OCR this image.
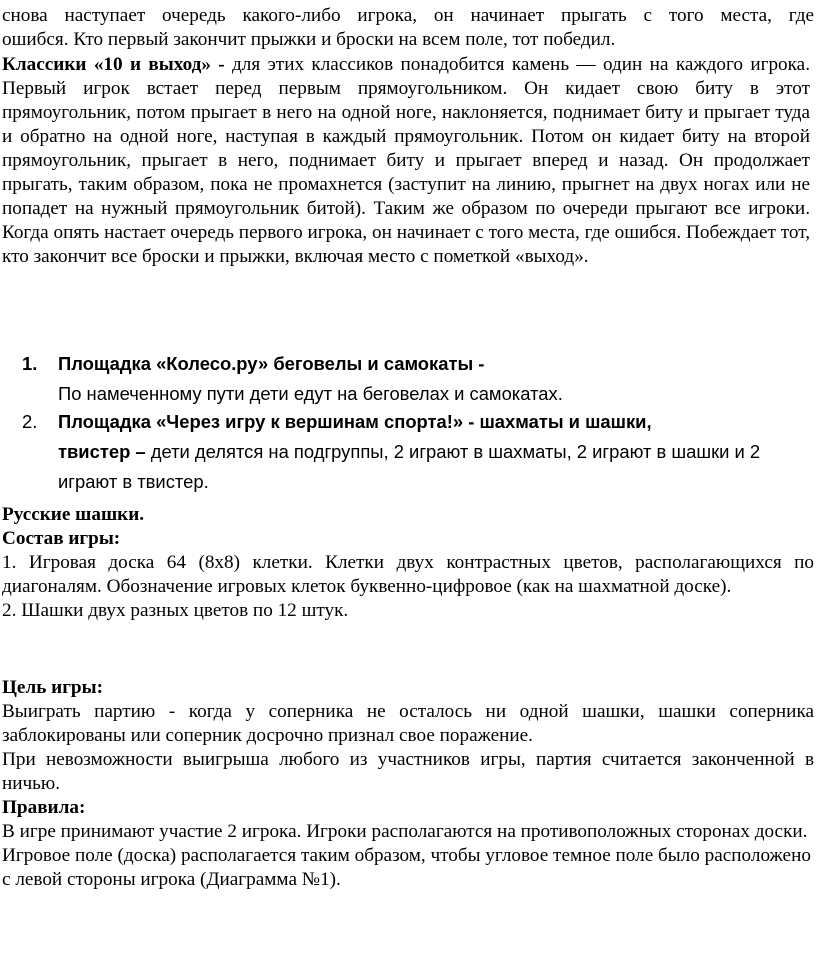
снова наступает очередь какого-либо игрока, он начинает прыгать с того места, где

ошибся. Кто первый закончит прыжки и броски на всем поле, тот победил.

Классики «10 и выход» - для этих классиков понадобится камень — один на каждого игрока. Первый игрок встает перед первым прямоугольником. Он кидает свою биту в этот прямоугольник, потом прыгает в него на одной ноге, наклоняется, поднимает биту и прыгает туда и обратно на одной ноге, наступая в каждый прямоугольник. Потом он кидает биту на второй прямоугольник, прыгает в него, поднимает биту и прыгает вперед и назад. Он продолжает прыгать, таким образом, пока не промахнется (заступит на линию, прыгнет на двух ногах или не попадет на нужный прямоугольник битой). Таким же образом по очереди прыгают все игроки. Когда опять настает очередь первого игрока, он начинает с того места, где ошибся. Побеждает тот, кто закончит все броски и прыжки, включая место с пометкой «выход».

1.	Площадка «Колесо.ру» беговелы и самокаты -

По намеченному пути дети едут на беговелах и самокатах.

2.	Площадка «Через игру к вершинам спорта!» - шахматы и шашки,

твистер – дети делятся на подгруппы, 2 играют в шахматы, 2 играют в шашки и 2 играют в твистер.

Русские шашки.

Состав игры:

1. Игровая доска 64 (8х8) клетки. Клетки двух контрастных цветов, располагающихся по диагоналям. Обозначение игровых клеток буквенно-цифровое (как на шахматной доске).

2. Шашки двух разных цветов по 12 штук.

Цель игры:

Выиграть партию - когда у соперника не осталось ни одной шашки, шашки соперника заблокированы или соперник досрочно признал свое поражение.

При невозможности выигрыша любого из участников игры, партия считается законченной в ничью.

Правила:

В игре принимают участие 2 игрока. Игроки располагаются на противоположных сторонах доски.

Игровое поле (доска) располагается таким образом, чтобы угловое темное поле было расположено с левой стороны игрока (Диаграмма №1).
